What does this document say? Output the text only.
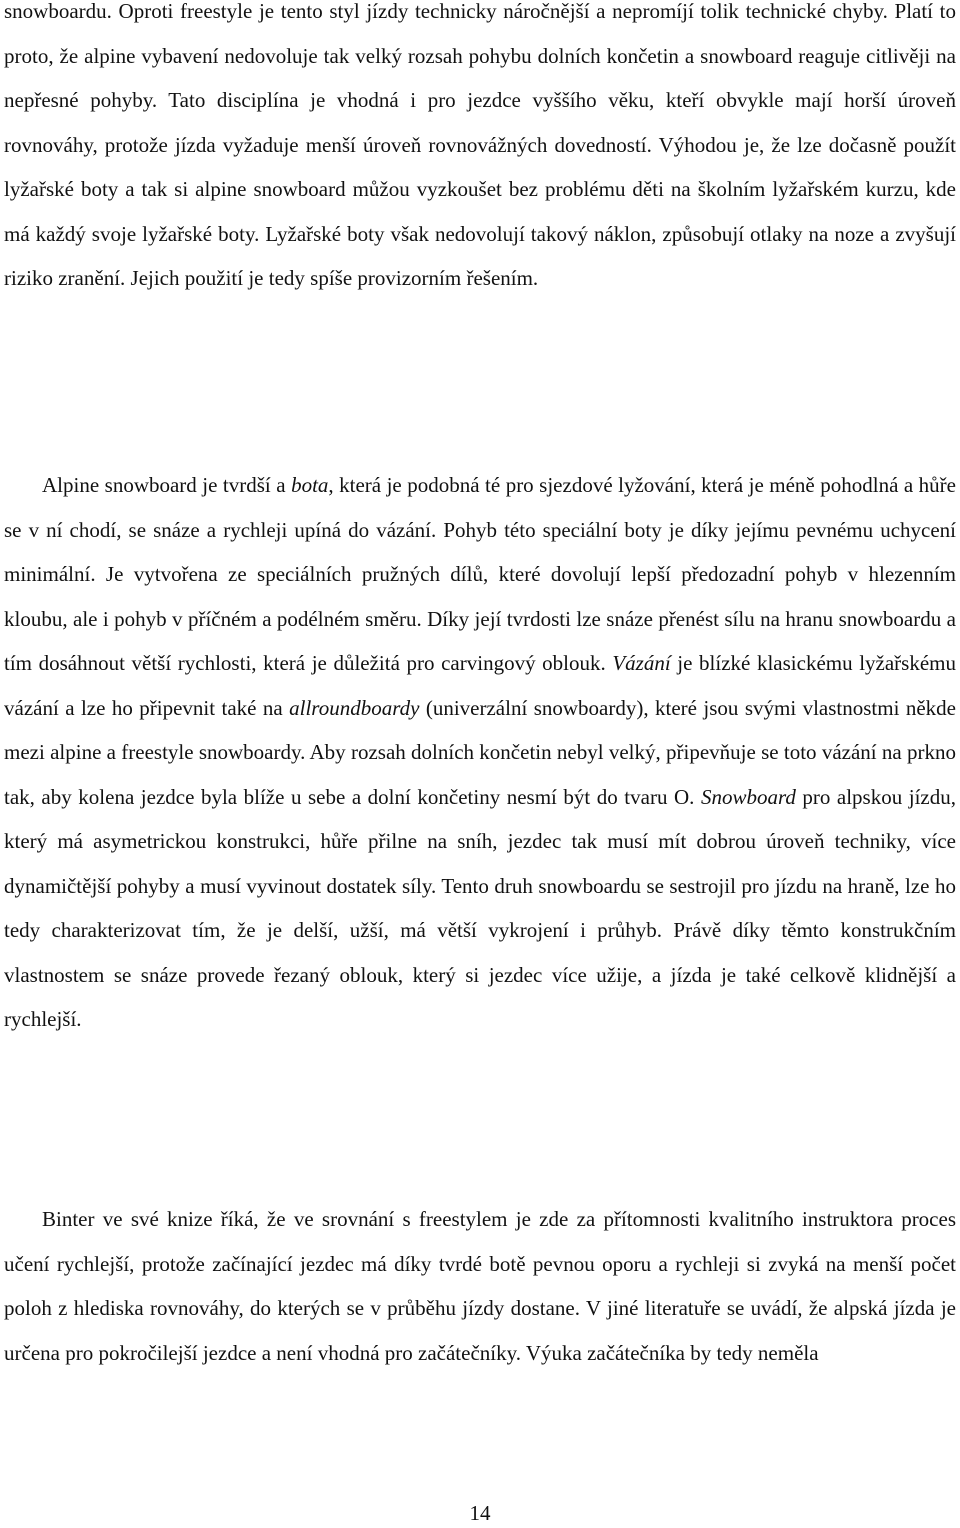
snowboardu. Oproti freestyle je tento styl jízdy technicky náročnější a nepromíjí tolik technické chyby. Platí to proto, že alpine vybavení nedovoluje tak velký rozsah pohybu dolních končetin a snowboard reaguje citlivěji na nepřesné pohyby. Tato disciplína je vhodná i pro jezdce vyššího věku, kteří obvykle mají horší úroveň rovnováhy, protože jízda vyžaduje menší úroveň rovnovážných dovedností. Výhodou je, že lze dočasně použít lyžařské boty a tak si alpine snowboard můžou vyzkoušet bez problému děti na školním lyžařském kurzu, kde má každý svoje lyžařské boty. Lyžařské boty však nedovolují takový náklon, způsobují otlaky na noze a zvyšují riziko zranění. Jejich použití je tedy spíše provizorním řešením.

Alpine snowboard je tvrdší a bota, která je podobná té pro sjezdové lyžování, která je méně pohodlná a hůře se v ní chodí, se snáze a rychleji upíná do vázání. Pohyb této speciální boty je díky jejímu pevnému uchycení minimální. Je vytvořena ze speciálních pružných dílů, které dovolují lepší předozadní pohyb v hlezenním kloubu, ale i pohyb v příčném a podélném směru. Díky její tvrdosti lze snáze přenést sílu na hranu snowboardu a tím dosáhnout větší rychlosti, která je důležitá pro carvingový oblouk. Vázání je blízké klasickému lyžařskému vázání a lze ho připevnit také na allroundboardy (univerzální snowboardy), které jsou svými vlastnostmi někde mezi alpine a freestyle snowboardy. Aby rozsah dolních končetin nebyl velký, připevňuje se toto vázání na prkno tak, aby kolena jezdce byla blíže u sebe a dolní končetiny nesmí být do tvaru O. Snowboard pro alpskou jízdu, který má asymetrickou konstrukci, hůře přilne na sníh, jezdec tak musí mít dobrou úroveň techniky, více dynamičtější pohyby a musí vyvinout dostatek síly. Tento druh snowboardu se sestrojil pro jízdu na hraně, lze ho tedy charakterizovat tím, že je delší, užší, má větší vykrojení i průhyb. Právě díky těmto konstrukčním vlastnostem se snáze provede řezaný oblouk, který si jezdec více užije, a jízda je také celkově klidnější a rychlejší.

Binter ve své knize říká, že ve srovnání s freestylem je zde za přítomnosti kvalitního instruktora proces učení rychlejší, protože začínající jezdec má díky tvrdé botě pevnou oporu a rychleji si zvyká na menší počet poloh z hlediska rovnováhy, do kterých se v průběhu jízdy dostane. V jiné literatuře se uvádí, že alpská jízda je určena pro pokročilejší jezdce a není vhodná pro začátečníky. Výuka začátečníka by tedy neměla

14
